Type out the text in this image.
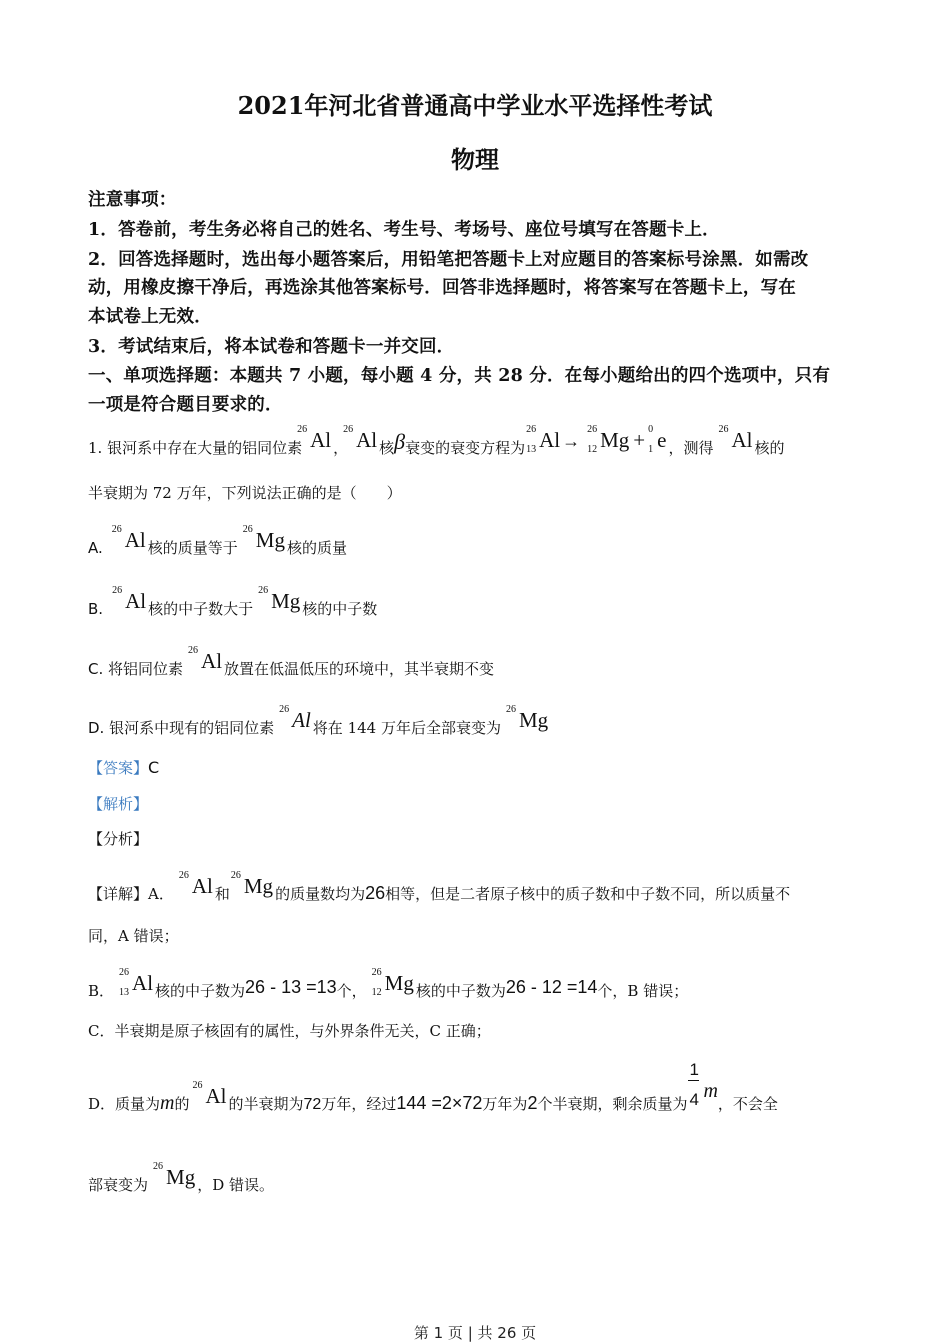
2021年河北省普通高中学业水平选择性考试
物理
注意事项：
1．答卷前，考生务必将自己的姓名、考生号、考场号、座位号填写在答题卡上．
2．回答选择题时，选出每小题答案后，用铅笔把答题卡上对应题目的答案标号涂黑．如需改
动，用橡皮擦干净后，再选涂其他答案标号．回答非选择题时，将答案写在答题卡上，写在
本试卷上无效．
3．考试结束后，将本试卷和答题卡一并交回．
一、单项选择题：本题共 7 小题，每小题 4 分，共 28 分．在每小题给出的四个选项中，只有
一项是符合题目要求的．
1. 银河系中存在大量的铝同位素
26 Al ，
26 Al 核β衰变的衰变方程为
26
13 Al →
26
12 Mg + 0
1 e ，测得
26 Al 核的
半衰期为 72 万年，下列说法正确的是（　　）
A.
26 Al 核的质量等于
26 Mg 核的质量
B.
26 Al 核的中子数大于
26 Mg 核的中子数
C. 将铝同位素
26 Al 放置在低温低压的环境中，其半衰期不变
D. 银河系中现有的铝同位素
26 Al 将在 144 万年后全部衰变为
26 Mg
【答案】C
【解析】
【分析】
【详解】A．
26 Al 和
26 Mg 的质量数均为26相等，但是二者原子核中的质子数和中子数不同，所以质量不
同，A 错误；
B．
26
13 Al 核的中子数为26 - 13 =13个，
26
12 Mg 核的中子数为26 - 12 =14个，B 错误；
C．半衰期是原子核固有的属性，与外界条件无关，C 正确；
D．质量为m的
26 Al 的半衰期为72万年，经过144 =2×72万年为2个半衰期，剩余质量为 $\frac{1}{4}$ m，不会全
部衰变为
26 Mg ，D 错误。
第 1 页 | 共 26 页
